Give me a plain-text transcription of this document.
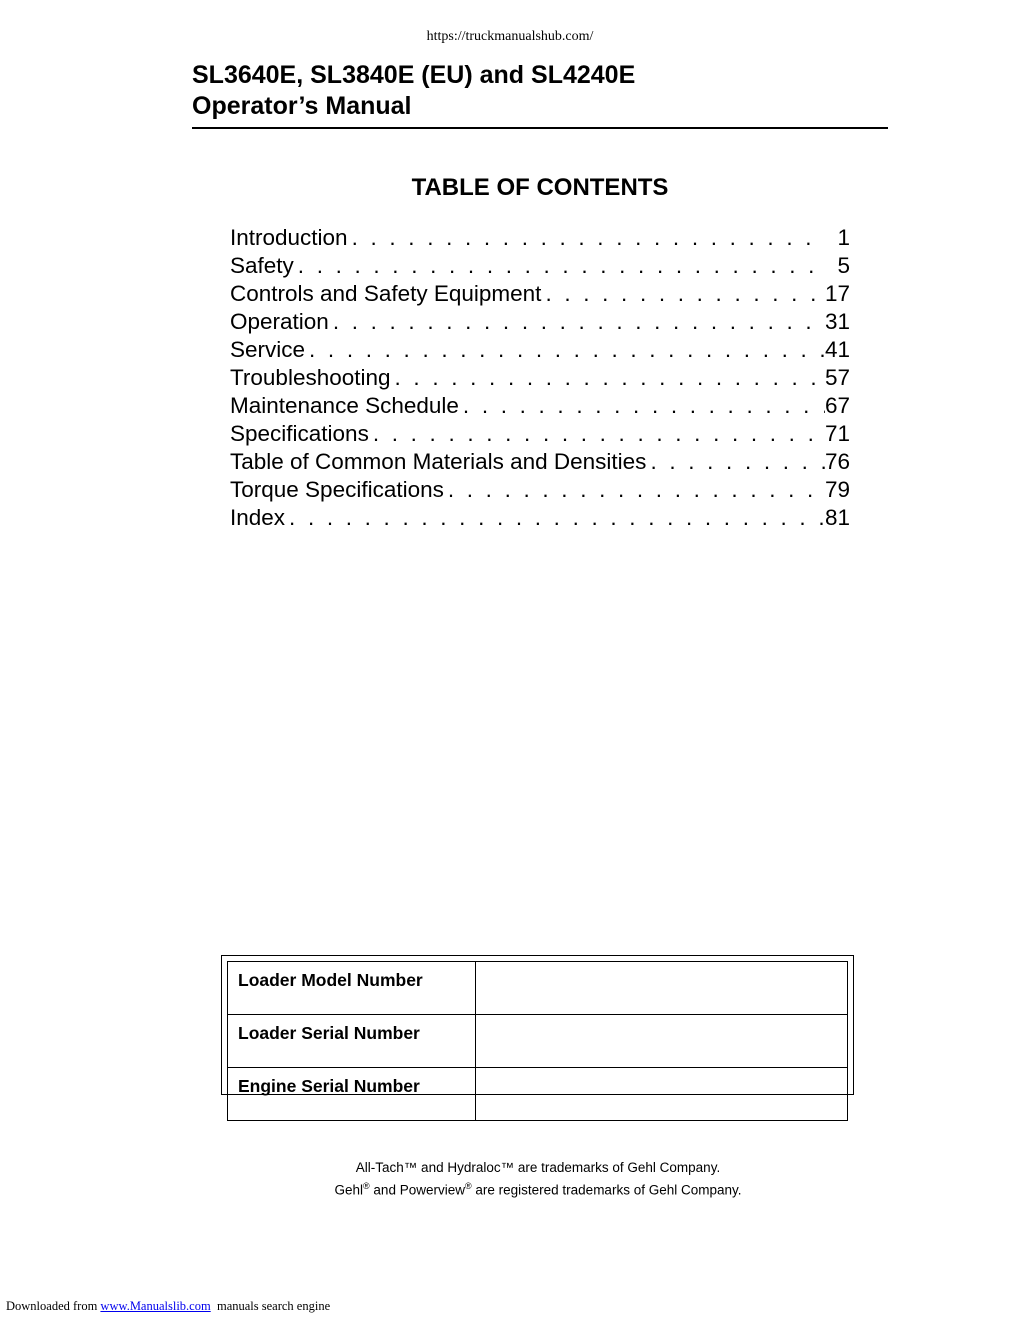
https://truckmanualshub.com/
SL3640E, SL3840E (EU) and SL4240E
Operator’s Manual
TABLE OF CONTENTS
Introduction . . .	1
Safety . . .	5
Controls and Safety Equipment . . .	17
Operation . . .	31
Service . . .	41
Troubleshooting . . .	57
Maintenance Schedule . . .	67
Specifications . . .	71
Table of Common Materials and Densities . . .	76
Torque Specifications . . .	79
Index . . .	81
Loader Model Number	
Loader Serial Number	
Engine Serial Number	
All-Tach™ and Hydraloc™ are trademarks of Gehl Company.
Gehl® and Powerview® are registered trademarks of Gehl Company.
Downloaded from www.Manualslib.com  manuals search engine
